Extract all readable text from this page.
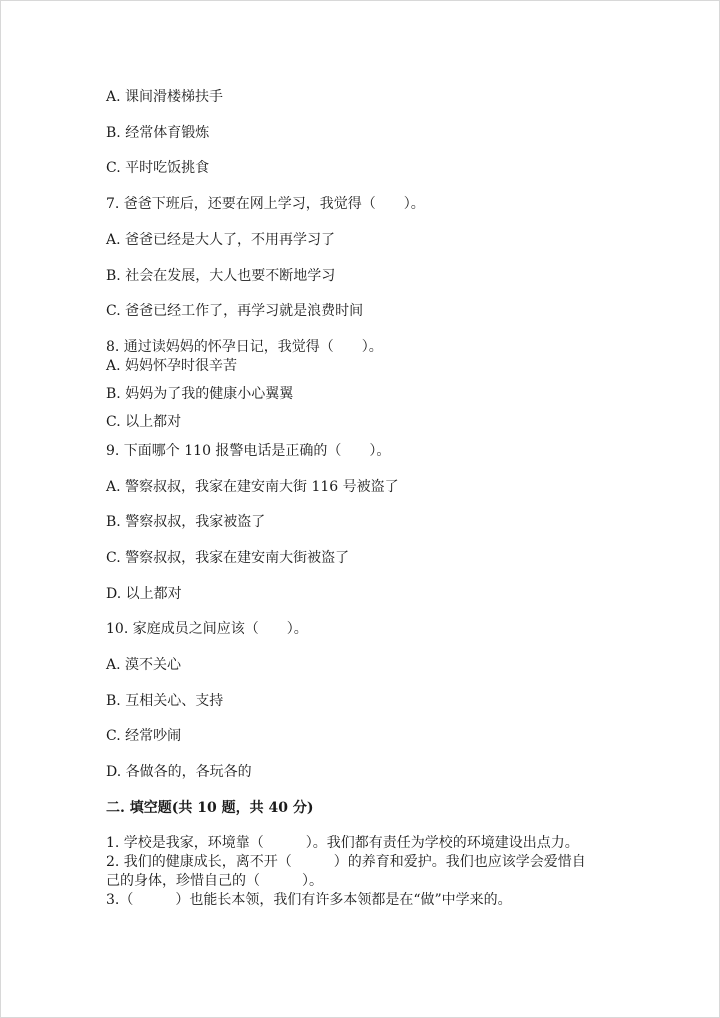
A. 课间滑楼梯扶手
B. 经常体育锻炼
C. 平时吃饭挑食
7. 爸爸下班后，还要在网上学习，我觉得（　　）。
A. 爸爸已经是大人了，不用再学习了
B. 社会在发展，大人也要不断地学习
C. 爸爸已经工作了，再学习就是浪费时间
8. 通过读妈妈的怀孕日记，我觉得（　　）。
A. 妈妈怀孕时很辛苦
B. 妈妈为了我的健康小心翼翼
C. 以上都对
9. 下面哪个 110 报警电话是正确的（　　）。
A. 警察叔叔，我家在建安南大街 116 号被盗了
B. 警察叔叔，我家被盗了
C. 警察叔叔，我家在建安南大街被盗了
D. 以上都对
10. 家庭成员之间应该（　　）。
A. 漠不关心
B. 互相关心、支持
C. 经常吵闹
D. 各做各的，各玩各的
二. 填空题(共 10 题，共 40 分)
1. 学校是我家，环境靠（　　　）。我们都有责任为学校的环境建设出点力。
2. 我们的健康成长，离不开（　　　）的养育和爱护。我们也应该学会爱惜自
己的身体，珍惜自己的（　　　）。
3.（　　　）也能长本领，我们有许多本领都是在“做”中学来的。
